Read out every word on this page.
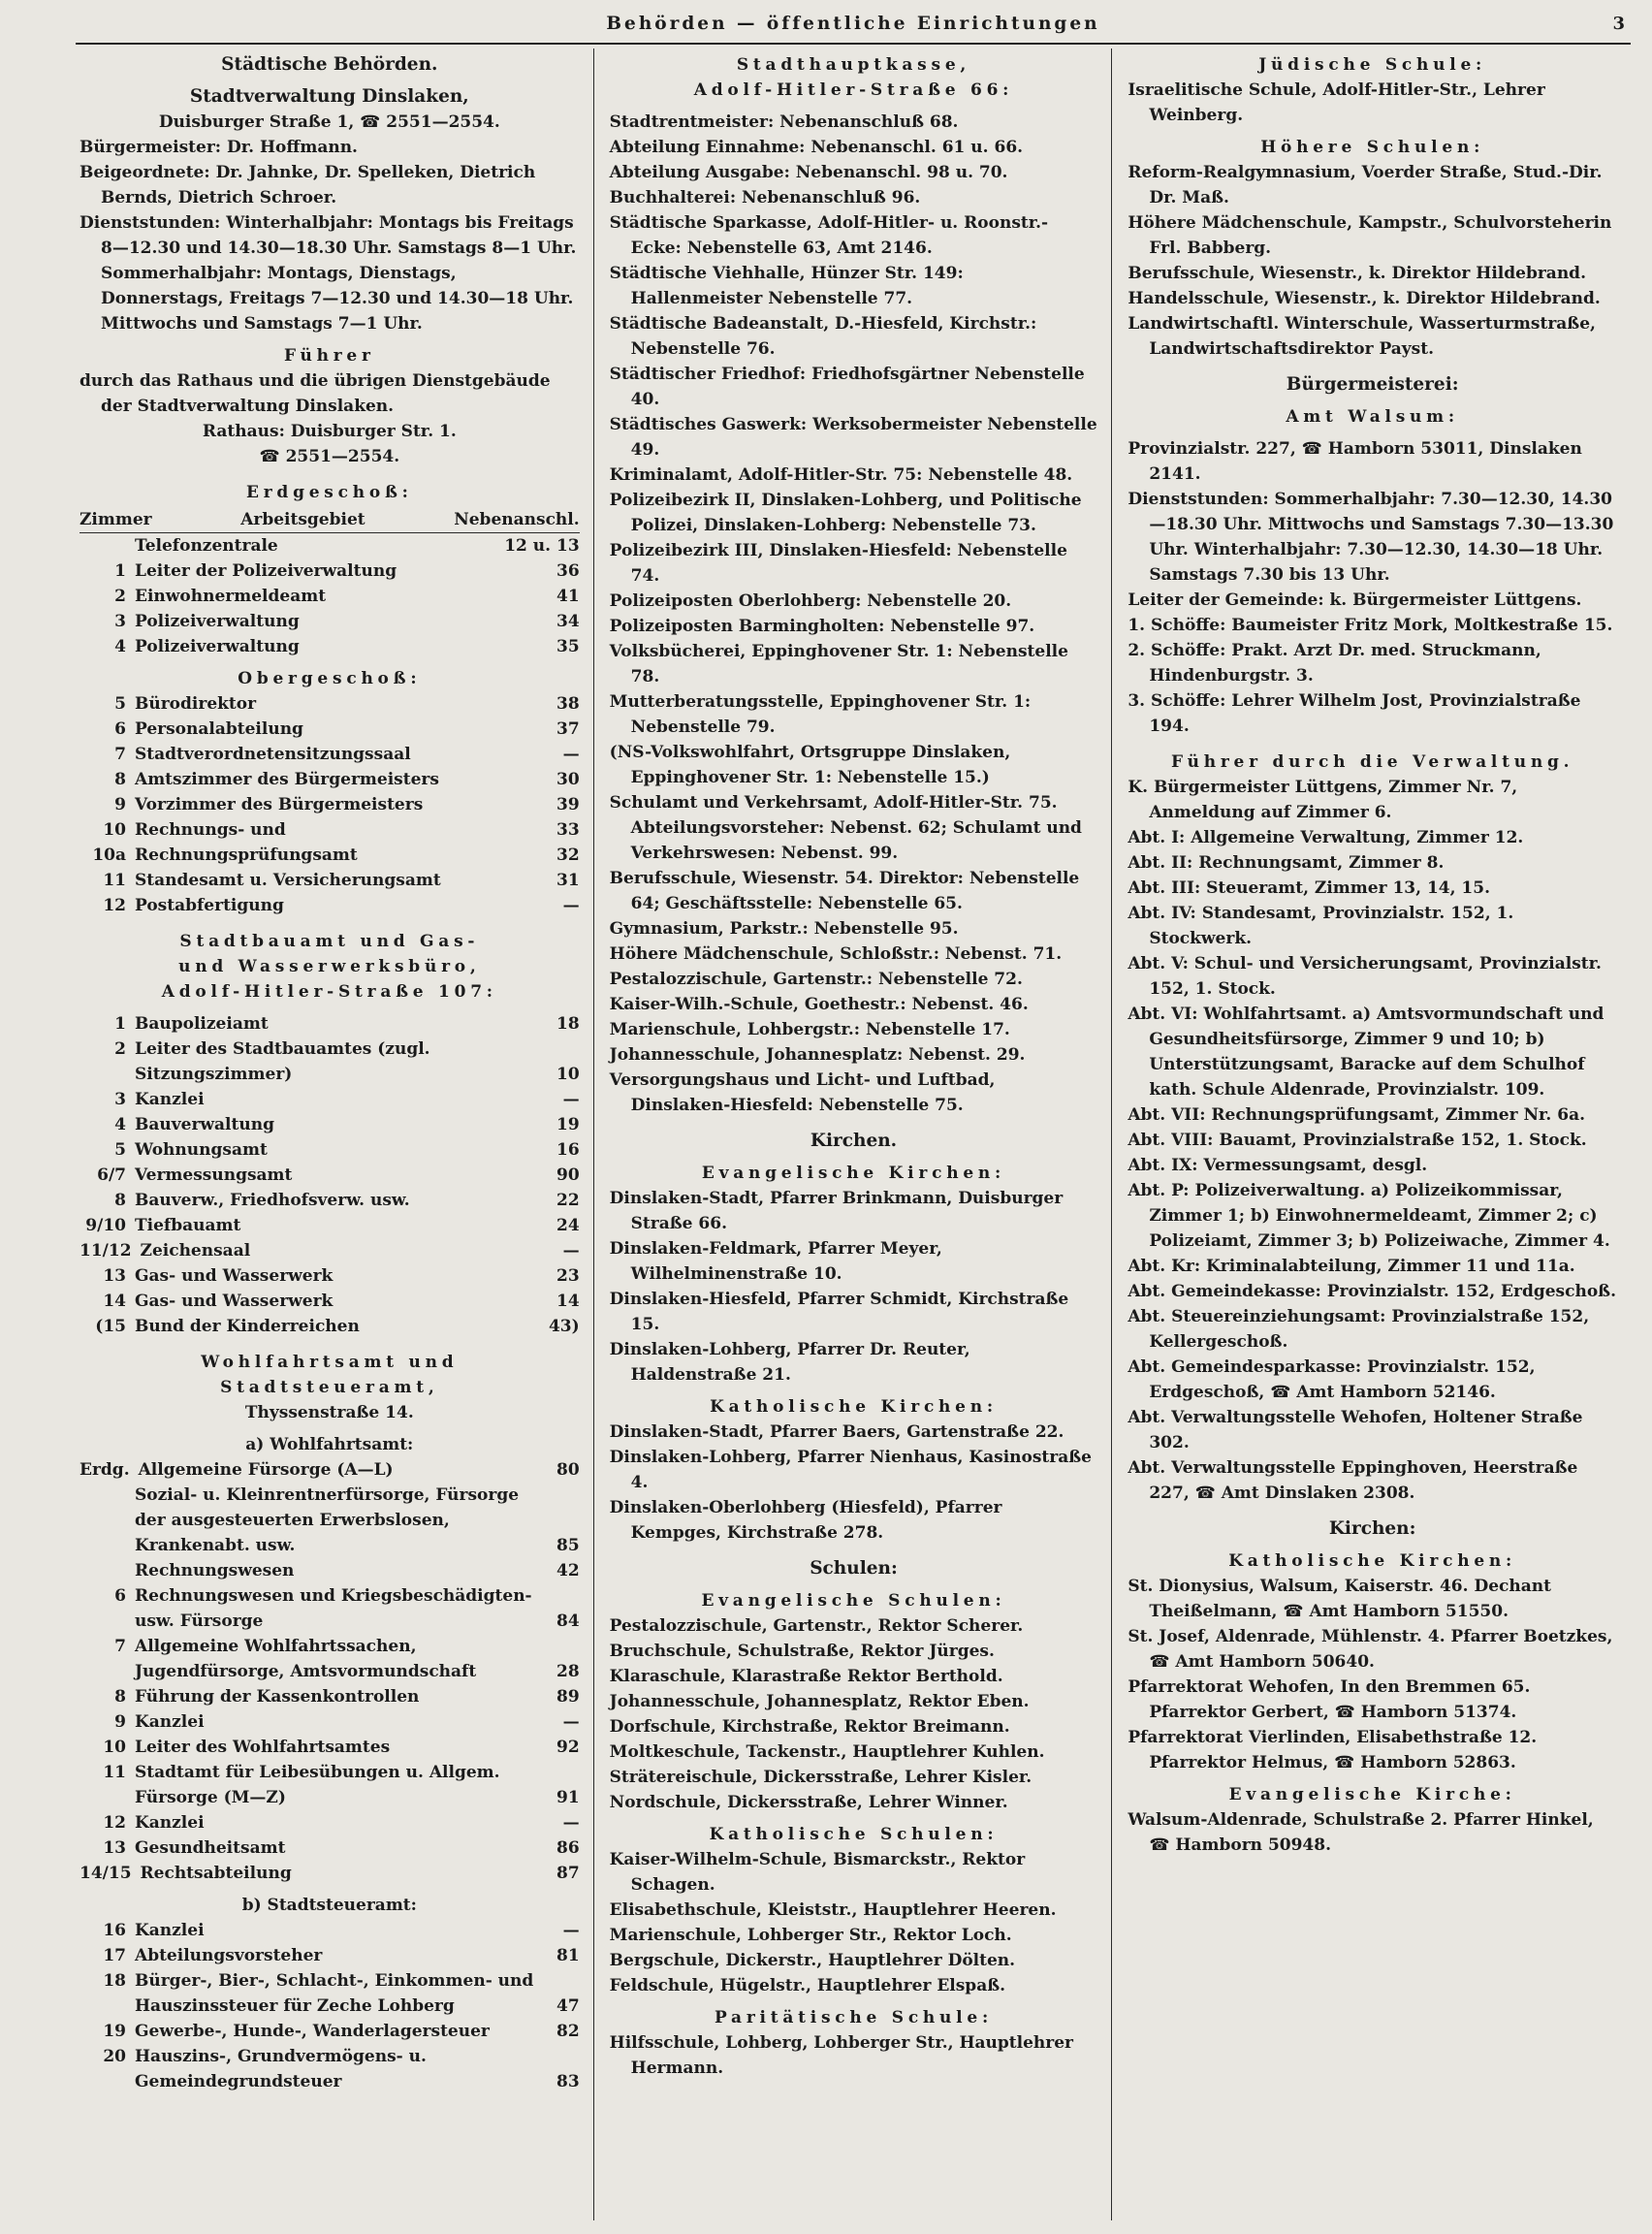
Behörden — öffentliche Einrichtungen	3
Städtische Behörden.
Stadtverwaltung Dinslaken,
Duisburger Straße 1, ☎ 2551—2554.

Bürgermeister: Dr. Hoffmann.

Beigeordnete: Dr. Jahnke, Dr. Spelleken, Dietrich Bernds, Dietrich Schroer.

Dienststunden: Winterhalbjahr: Montags bis Freitags 8—12.30 und 14.30—18.30 Uhr. Samstags 8—1 Uhr. Sommerhalbjahr: Montags, Dienstags, Donnerstags, Freitags 7—12.30 und 14.30—18 Uhr. Mittwochs und Samstags 7—1 Uhr.

Führer

durch das Rathaus und die übrigen Dienstgebäude der Stadtverwaltung Dinslaken.

Rathaus: Duisburger Str. 1.
☎ 2551—2554.
Erdgeschoß:
Zimmer	Arbeitsgebiet	Nebenanschl.
Telefonzentrale	12 u. 13
1 Leiter der Polizeiverwaltung	36
2 Einwohnermeldeamt	41
3 Polizeiverwaltung	34
4 Polizeiverwaltung	35
Obergeschoß:
5 Bürodirektor	38
6 Personalabteilung	37
7 Stadtverordnetensitzungssaal	—
8 Amtszimmer des Bürgermeisters	30
9 Vorzimmer des Bürgermeisters	39
10 Rechnungs- und	33
10a Rechnungsprüfungsamt	32
11 Standesamt u. Versicherungsamt	31
12 Postabfertigung	—
Stadtbauamt und Gas-
und Wasserwerksbüro,
Adolf-Hitler-Straße 107:
1 Baupolizeiamt	18
2 Leiter des Stadtbauamtes (zugl. Sitzungszimmer)	10
3 Kanzlei	—
4 Bauverwaltung	19
5 Wohnungsamt	16
6/7 Vermessungsamt	90
8 Bauverw., Friedhofsverw. usw.	22
9/10 Tiefbauamt	24
11/12 Zeichensaal	—
13 Gas- und Wasserwerk	23
14 Gas- und Wasserwerk	14
(15 Bund der Kinderreichen	43)
Wohlfahrtsamt und
Stadtsteueramt,
Thyssenstraße 14.
a) Wohlfahrtsamt:
Erdg. Allgemeine Fürsorge (A—L)	80
Sozial- u. Kleinrentnerfürsorge, Fürsorge der ausgesteuerten Erwerbslosen, Krankenabt. usw.	85
Rechnungswesen	42
6 Rechnungswesen und Kriegsbeschädigten- usw. Fürsorge	84
7 Allgemeine Wohlfahrtssachen, Jugendfürsorge, Amtsvormundschaft	28
8 Führung der Kassenkontrollen	89
9 Kanzlei	—
10 Leiter des Wohlfahrtsamtes	92
11 Stadtamt für Leibesübungen u. Allgem. Fürsorge (M—Z)	91
12 Kanzlei	—
13 Gesundheitsamt	86
14/15 Rechtsabteilung	87
b) Stadtsteueramt:
16 Kanzlei	—
17 Abteilungsvorsteher	81
18 Bürger-, Bier-, Schlacht-, Einkommen- und Hauszinssteuer für Zeche Lohberg	47
19 Gewerbe-, Hunde-, Wanderlagersteuer	82
20 Hauszins-, Grundvermögens- u. Gemeindegrundsteuer	83
Stadthauptkasse,
Adolf-Hitler-Straße 66:

Stadtrentmeister: Nebenanschluß 68.

Abteilung Einnahme: Nebenanschl. 61 u. 66.

Abteilung Ausgabe: Nebenanschl. 98 u. 70.

Buchhalterei: Nebenanschluß 96.

Städtische Sparkasse, Adolf-Hitler- u. Roonstr.-Ecke: Nebenstelle 63, Amt 2146.

Städtische Viehhalle, Hünzer Str. 149: Hallenmeister Nebenstelle 77.

Städtische Badeanstalt, D.-Hiesfeld, Kirchstr.: Nebenstelle 76.

Städtischer Friedhof: Friedhofsgärtner Nebenstelle 40.

Städtisches Gaswerk: Werksobermeister Nebenstelle 49.

Kriminalamt, Adolf-Hitler-Str. 75: Nebenstelle 48.

Polizeibezirk II, Dinslaken-Lohberg, und Politische Polizei, Dinslaken-Lohberg: Nebenstelle 73.

Polizeibezirk III, Dinslaken-Hiesfeld: Nebenstelle 74.

Polizeiposten Oberlohberg: Nebenstelle 20.

Polizeiposten Barmingholten: Nebenstelle 97.

Volksbücherei, Eppinghovener Str. 1: Nebenstelle 78.

Mutterberatungsstelle, Eppinghovener Str. 1: Nebenstelle 79.

(NS-Volkswohlfahrt, Ortsgruppe Dinslaken, Eppinghovener Str. 1: Nebenstelle 15.)

Schulamt und Verkehrsamt, Adolf-Hitler-Str. 75. Abteilungsvorsteher: Nebenst. 62; Schulamt und Verkehrswesen: Nebenst. 99.

Berufsschule, Wiesenstr. 54. Direktor: Nebenstelle 64; Geschäftsstelle: Nebenstelle 65.

Gymnasium, Parkstr.: Nebenstelle 95.

Höhere Mädchenschule, Schloßstr.: Nebenst. 71.

Pestalozzischule, Gartenstr.: Nebenstelle 72.

Kaiser-Wilh.-Schule, Goethestr.: Nebenst. 46.

Marienschule, Lohbergstr.: Nebenstelle 17.

Johannesschule, Johannesplatz: Nebenst. 29.

Versorgungshaus und Licht- und Luftbad, Dinslaken-Hiesfeld: Nebenstelle 75.

Kirchen.
Evangelische Kirchen:

Dinslaken-Stadt, Pfarrer Brinkmann, Duisburger Straße 66.

Dinslaken-Feldmark, Pfarrer Meyer, Wilhelminenstraße 10.

Dinslaken-Hiesfeld, Pfarrer Schmidt, Kirchstraße 15.

Dinslaken-Lohberg, Pfarrer Dr. Reuter, Haldenstraße 21.

Katholische Kirchen:

Dinslaken-Stadt, Pfarrer Baers, Gartenstraße 22.

Dinslaken-Lohberg, Pfarrer Nienhaus, Kasinostraße 4.

Dinslaken-Oberlohberg (Hiesfeld), Pfarrer Kempges, Kirchstraße 278.

Schulen:
Evangelische Schulen:

Pestalozzischule, Gartenstr., Rektor Scherer.

Bruchschule, Schulstraße, Rektor Jürges.

Klaraschule, Klarastraße Rektor Berthold.

Johannesschule, Johannesplatz, Rektor Eben.

Dorfschule, Kirchstraße, Rektor Breimann.

Moltkeschule, Tackenstr., Hauptlehrer Kuhlen.

Strätereischule, Dickersstraße, Lehrer Kisler.

Nordschule, Dickersstraße, Lehrer Winner.

Katholische Schulen:

Kaiser-Wilhelm-Schule, Bismarckstr., Rektor Schagen.

Elisabethschule, Kleiststr., Hauptlehrer Heeren.

Marienschule, Lohberger Str., Rektor Loch.

Bergschule, Dickerstr., Hauptlehrer Dölten.

Feldschule, Hügelstr., Hauptlehrer Elspaß.

Paritätische Schule:

Hilfsschule, Lohberg, Lohberger Str., Hauptlehrer Hermann.

Jüdische Schule:

Israelitische Schule, Adolf-Hitler-Str., Lehrer Weinberg.

Höhere Schulen:

Reform-Realgymnasium, Voerder Straße, Stud.-Dir. Dr. Maß.

Höhere Mädchenschule, Kampstr., Schulvorsteherin Frl. Babberg.

Berufsschule, Wiesenstr., k. Direktor Hildebrand.

Handelsschule, Wiesenstr., k. Direktor Hildebrand.

Landwirtschaftl. Winterschule, Wasserturmstraße, Landwirtschaftsdirektor Payst.

Bürgermeisterei:
Amt Walsum:

Provinzialstr. 227, ☎ Hamborn 53011, Dinslaken 2141.

Dienststunden: Sommerhalbjahr: 7.30—12.30, 14.30—18.30 Uhr. Mittwochs und Samstags 7.30—13.30 Uhr. Winterhalbjahr: 7.30—12.30, 14.30—18 Uhr. Samstags 7.30 bis 13 Uhr.

Leiter der Gemeinde: k. Bürgermeister Lüttgens.

1. Schöffe: Baumeister Fritz Mork, Moltkestraße 15.

2. Schöffe: Prakt. Arzt Dr. med. Struckmann, Hindenburgstr. 3.

3. Schöffe: Lehrer Wilhelm Jost, Provinzialstraße 194.

Führer durch die Verwaltung.

K. Bürgermeister Lüttgens, Zimmer Nr. 7, Anmeldung auf Zimmer 6.

Abt. I: Allgemeine Verwaltung, Zimmer 12.

Abt. II: Rechnungsamt, Zimmer 8.

Abt. III: Steueramt, Zimmer 13, 14, 15.

Abt. IV: Standesamt, Provinzialstr. 152, 1. Stockwerk.

Abt. V: Schul- und Versicherungsamt, Provinzialstr. 152, 1. Stock.

Abt. VI: Wohlfahrtsamt. a) Amtsvormundschaft und Gesundheitsfürsorge, Zimmer 9 und 10; b) Unterstützungsamt, Baracke auf dem Schulhof kath. Schule Aldenrade, Provinzialstr. 109.

Abt. VII: Rechnungsprüfungsamt, Zimmer Nr. 6a.

Abt. VIII: Bauamt, Provinzialstraße 152, 1. Stock.

Abt. IX: Vermessungsamt, desgl.

Abt. P: Polizeiverwaltung. a) Polizeikommissar, Zimmer 1; b) Einwohnermeldeamt, Zimmer 2; c) Polizeiamt, Zimmer 3; b) Polizeiwache, Zimmer 4.

Abt. Kr: Kriminalabteilung, Zimmer 11 und 11a.

Abt. Gemeindekasse: Provinzialstr. 152, Erdgeschoß.

Abt. Steuereinziehungsamt: Provinzialstraße 152, Kellergeschoß.

Abt. Gemeindesparkasse: Provinzialstr. 152, Erdgeschoß, ☎ Amt Hamborn 52146.

Abt. Verwaltungsstelle Wehofen, Holtener Straße 302.

Abt. Verwaltungsstelle Eppinghoven, Heerstraße 227, ☎ Amt Dinslaken 2308.

Kirchen:
Katholische Kirchen:

St. Dionysius, Walsum, Kaiserstr. 46. Dechant Theißelmann, ☎ Amt Hamborn 51550.

St. Josef, Aldenrade, Mühlenstr. 4. Pfarrer Boetzkes, ☎ Amt Hamborn 50640.

Pfarrektorat Wehofen, In den Bremmen 65. Pfarrektor Gerbert, ☎ Hamborn 51374.

Pfarrektorat Vierlinden, Elisabethstraße 12. Pfarrektor Helmus, ☎ Hamborn 52863.

Evangelische Kirche:

Walsum-Aldenrade, Schulstraße 2. Pfarrer Hinkel, ☎ Hamborn 50948.
